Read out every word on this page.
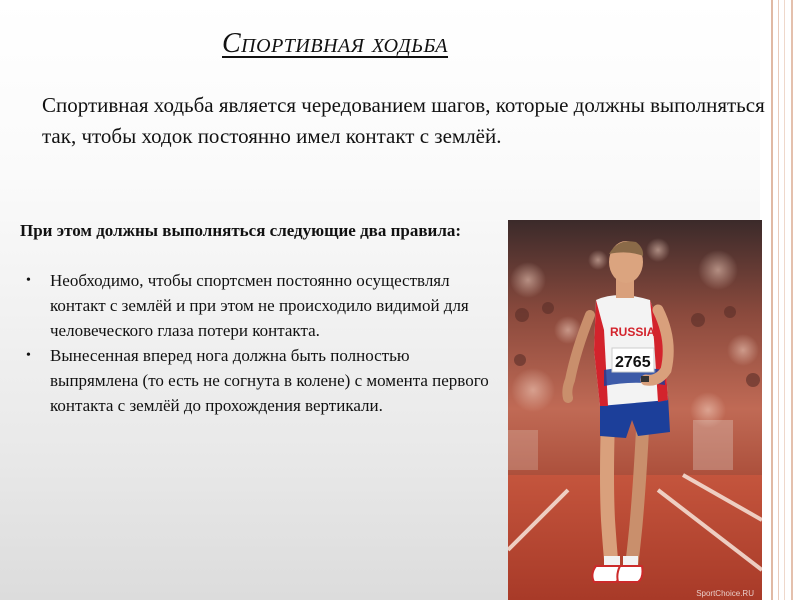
Спортивная ходьба
Спортивная ходьба является чередованием шагов, которые должны выполняться так, чтобы ходок постоянно имел контакт с землёй.
При этом должны выполняться следующие два правила:
• Необходимо, чтобы спортсмен постоянно осуществлял контакт с землёй и при этом не происходило видимой для человеческого глаза потери контакта.
• Вынесенная вперед нога должна быть полностью выпрямлена (то есть не согнута в колене) с момента первого контакта с землёй до прохождения вертикали.
RUSSIA
2765
SportChoice.RU
